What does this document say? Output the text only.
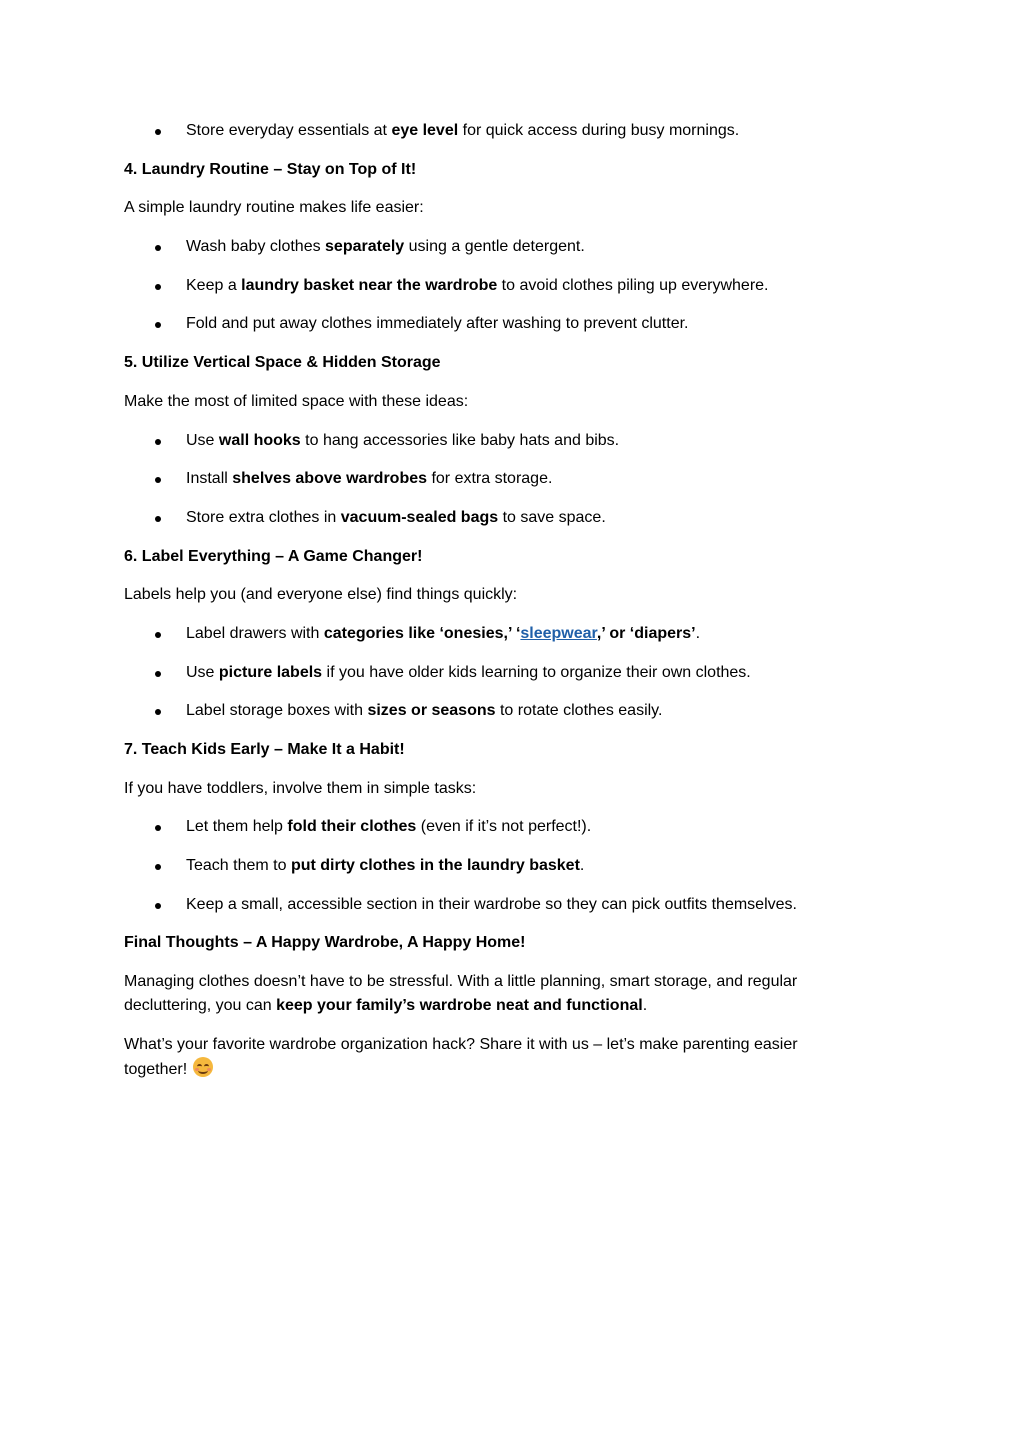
Store everyday essentials at eye level for quick access during busy mornings.
4. Laundry Routine – Stay on Top of It!
A simple laundry routine makes life easier:
Wash baby clothes separately using a gentle detergent.
Keep a laundry basket near the wardrobe to avoid clothes piling up everywhere.
Fold and put away clothes immediately after washing to prevent clutter.
5. Utilize Vertical Space & Hidden Storage
Make the most of limited space with these ideas:
Use wall hooks to hang accessories like baby hats and bibs.
Install shelves above wardrobes for extra storage.
Store extra clothes in vacuum-sealed bags to save space.
6. Label Everything – A Game Changer!
Labels help you (and everyone else) find things quickly:
Label drawers with categories like ‘onesies,’ ‘sleepwear,’ or ‘diapers’.
Use picture labels if you have older kids learning to organize their own clothes.
Label storage boxes with sizes or seasons to rotate clothes easily.
7. Teach Kids Early – Make It a Habit!
If you have toddlers, involve them in simple tasks:
Let them help fold their clothes (even if it’s not perfect!).
Teach them to put dirty clothes in the laundry basket.
Keep a small, accessible section in their wardrobe so they can pick outfits themselves.
Final Thoughts – A Happy Wardrobe, A Happy Home!
Managing clothes doesn’t have to be stressful. With a little planning, smart storage, and regular decluttering, you can keep your family’s wardrobe neat and functional.
What’s your favorite wardrobe organization hack? Share it with us – let’s make parenting easier together!
